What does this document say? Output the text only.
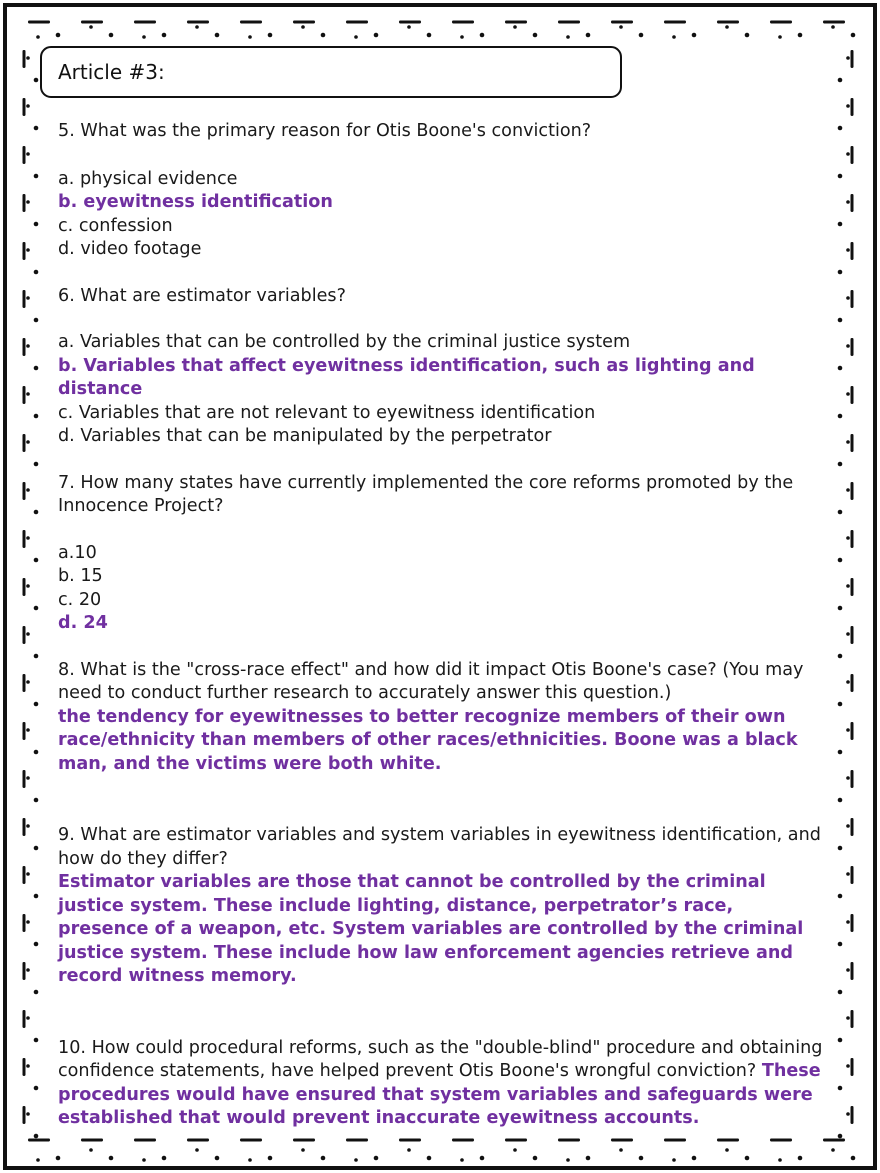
Article #3:

5. What was the primary reason for Otis Boone's conviction?

a. physical evidence

b. eyewitness identification

c. confession

d. video footage

6. What are estimator variables?

a. Variables that can be controlled by the criminal justice system

b. Variables that affect eyewitness identification, such as lighting and distance

c. Variables that are not relevant to eyewitness identification

d. Variables that can be manipulated by the perpetrator

7. How many states have currently implemented the core reforms promoted by the Innocence Project?

a.10

b. 15

c. 20

d. 24

8. What is the "cross-race effect" and how did it impact Otis Boone's case? (You may need to conduct further research to accurately answer this question.)

the tendency for eyewitnesses to better recognize members of their own race/ethnicity than members of other races/ethnicities. Boone was a black man, and the victims were both white.

9. What are estimator variables and system variables in eyewitness identification, and how do they differ?

Estimator variables are those that cannot be controlled by the criminal justice system. These include lighting, distance, perpetrator’s race, presence of a weapon, etc. System variables are controlled by the criminal justice system. These include how law enforcement agencies retrieve and record witness memory.

10. How could procedural reforms, such as the "double-blind" procedure and obtaining confidence statements, have helped prevent Otis Boone's wrongful conviction? These procedures would have ensured that system variables and safeguards were established that would prevent inaccurate eyewitness accounts.
